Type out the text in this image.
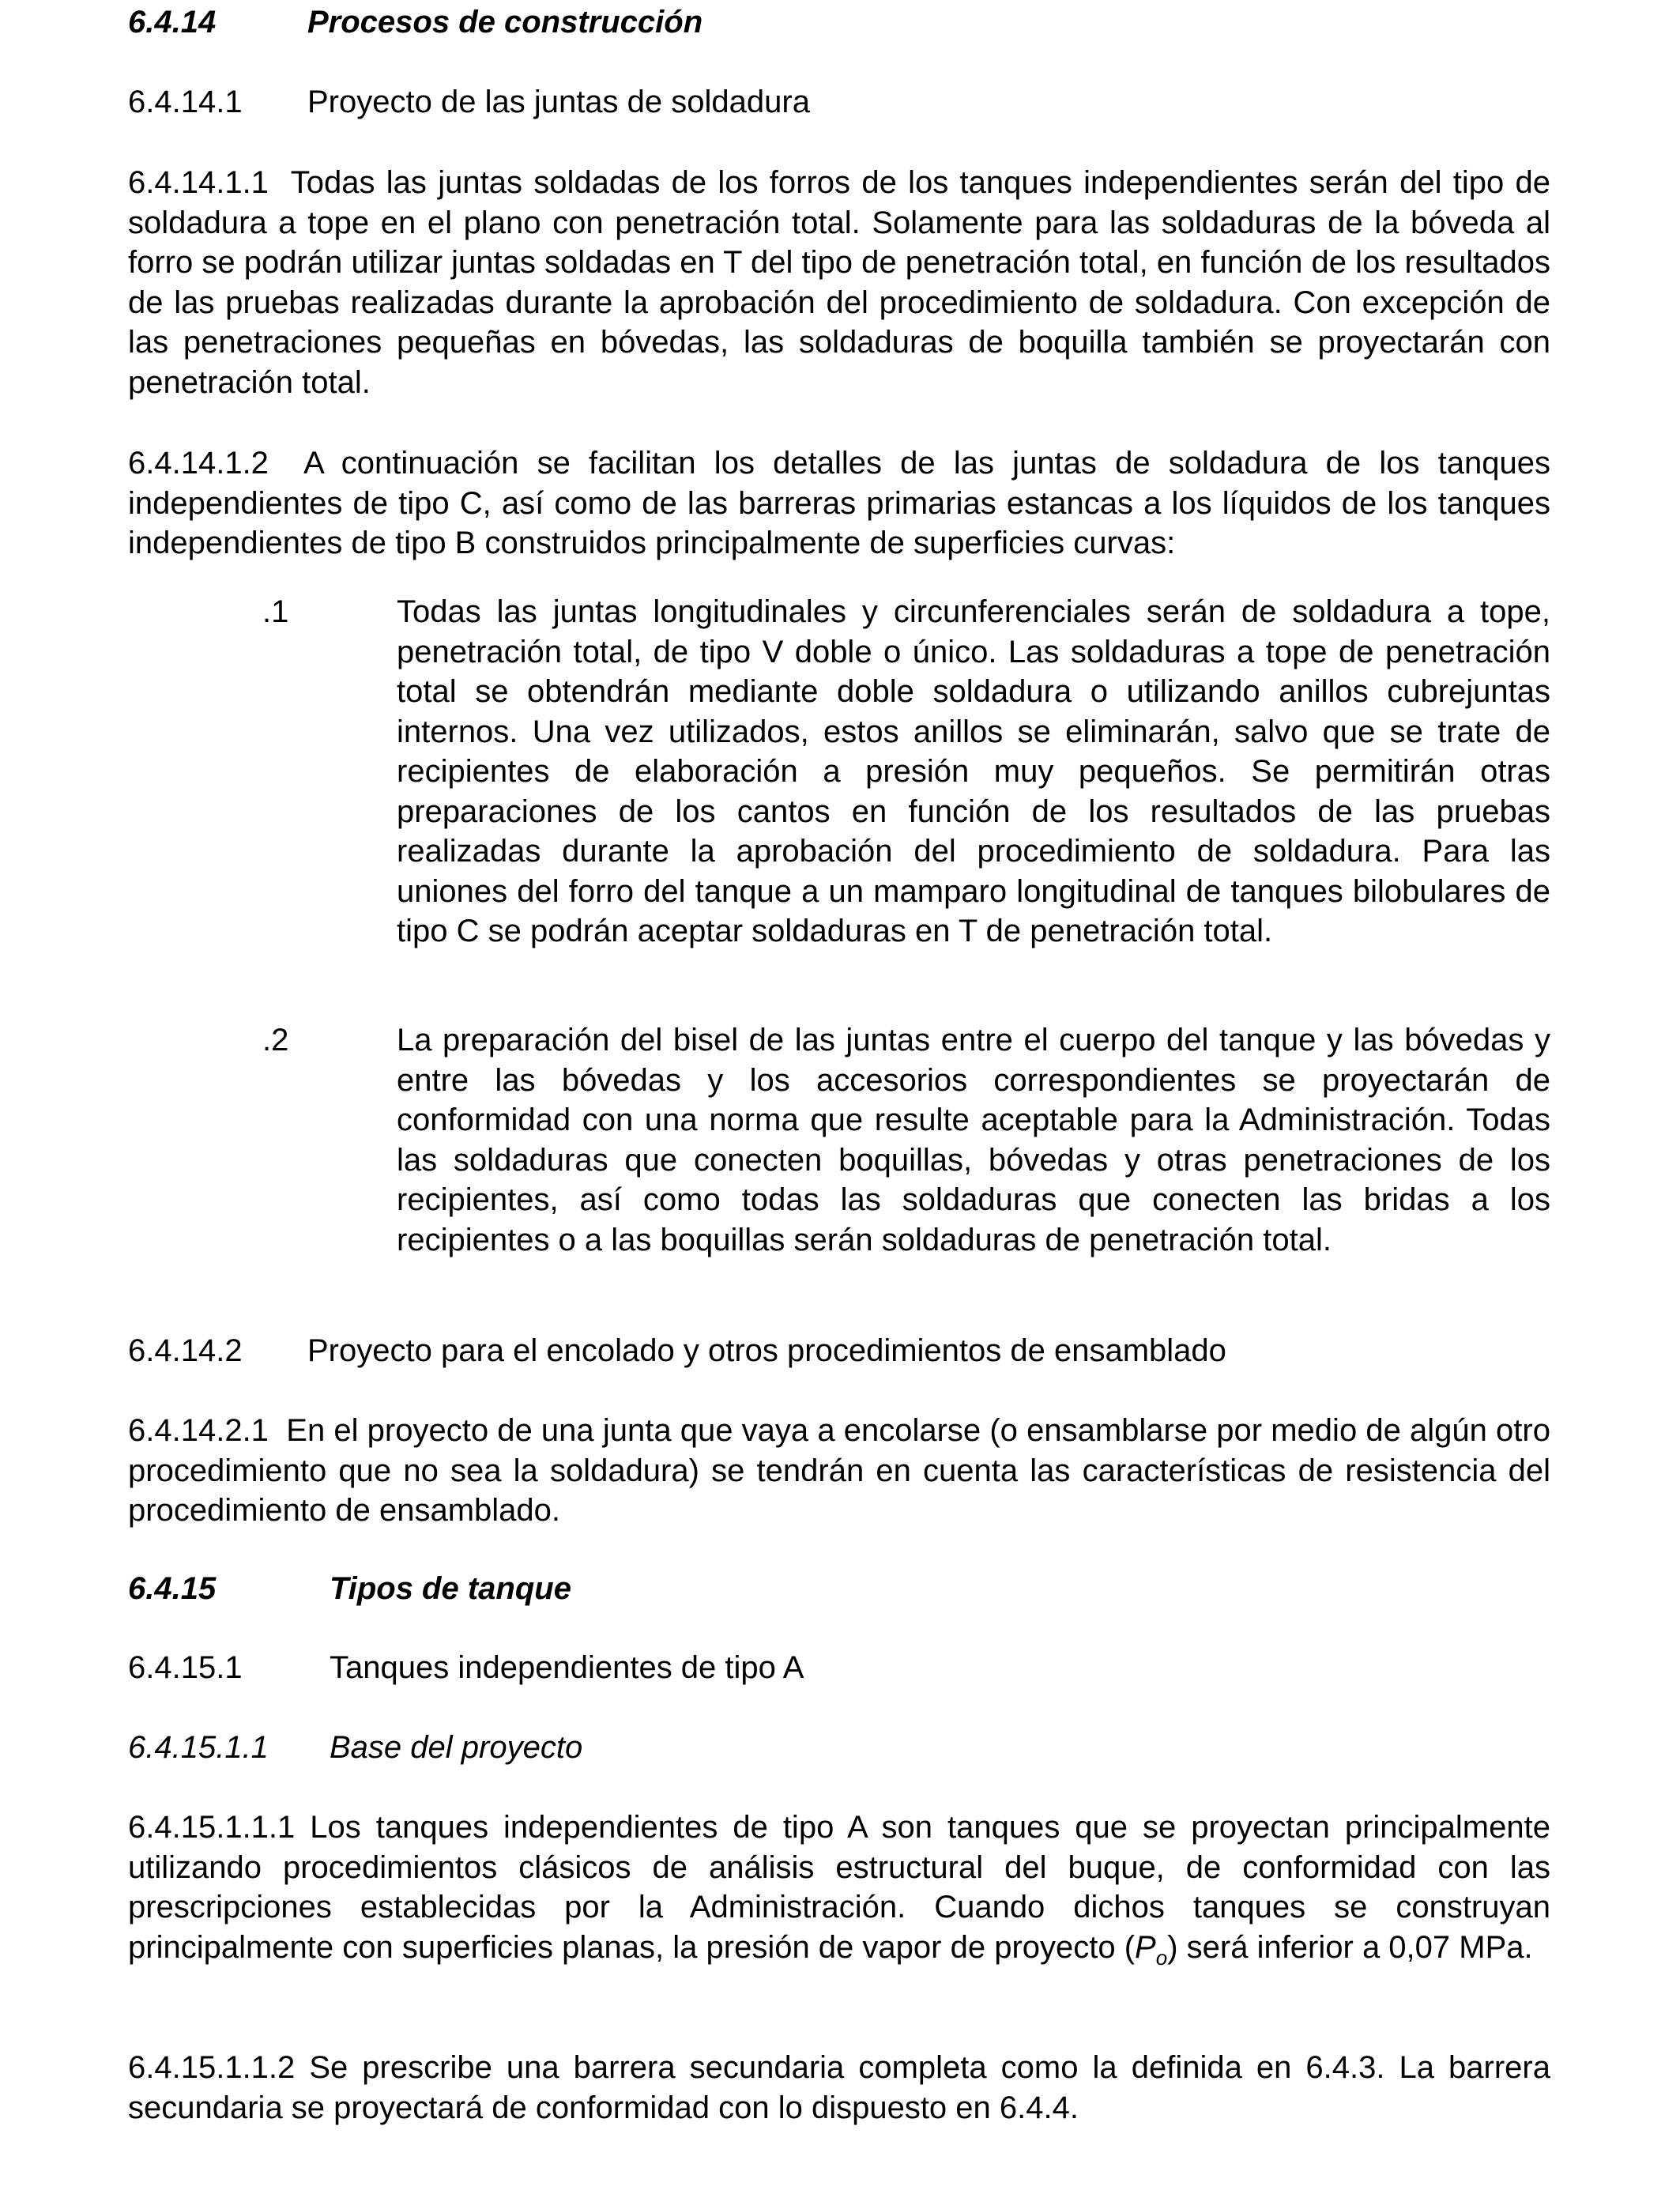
6.4.14	Procesos de construcción
6.4.14.1	Proyecto de las juntas de soldadura

6.4.14.1.1 Todas las juntas soldadas de los forros de los tanques independientes serán del tipo de soldadura a tope en el plano con penetración total. Solamente para las soldaduras de la bóveda al forro se podrán utilizar juntas soldadas en T del tipo de penetración total, en función de los resultados de las pruebas realizadas durante la aprobación del procedimiento de soldadura. Con excepción de las penetraciones pequeñas en bóvedas, las soldaduras de boquilla también se proyectarán con penetración total.

6.4.14.1.2 A continuación se facilitan los detalles de las juntas de soldadura de los tanques independientes de tipo C, así como de las barreras primarias estancas a los líquidos de los tanques independientes de tipo B construidos principalmente de superficies curvas:

.1	Todas las juntas longitudinales y circunferenciales serán de soldadura a tope, penetración total, de tipo V doble o único. Las soldaduras a tope de penetración total se obtendrán mediante doble soldadura o utilizando anillos cubrejuntas internos. Una vez utilizados, estos anillos se eliminarán, salvo que se trate de recipientes de elaboración a presión muy pequeños. Se permitirán otras preparaciones de los cantos en función de los resultados de las pruebas realizadas durante la aprobación del procedimiento de soldadura. Para las uniones del forro del tanque a un mamparo longitudinal de tanques bilobulares de tipo C se podrán aceptar soldaduras en T de penetración total.
.2	La preparación del bisel de las juntas entre el cuerpo del tanque y las bóvedas y entre las bóvedas y los accesorios correspondientes se proyectarán de conformidad con una norma que resulte aceptable para la Administración. Todas las soldaduras que conecten boquillas, bóvedas y otras penetraciones de los recipientes, así como todas las soldaduras que conecten las bridas a los recipientes o a las boquillas serán soldaduras de penetración total.
6.4.14.2	Proyecto para el encolado y otros procedimientos de ensamblado

6.4.14.2.1 En el proyecto de una junta que vaya a encolarse (o ensamblarse por medio de algún otro procedimiento que no sea la soldadura) se tendrán en cuenta las características de resistencia del procedimiento de ensamblado.

6.4.15	Tipos de tanque
6.4.15.1	Tanques independientes de tipo A
6.4.15.1.1	Base del proyecto

6.4.15.1.1.1 Los tanques independientes de tipo A son tanques que se proyectan principalmente utilizando procedimientos clásicos de análisis estructural del buque, de conformidad con las prescripciones establecidas por la Administración. Cuando dichos tanques se construyan principalmente con superficies planas, la presión de vapor de proyecto $(P_o)$ será inferior a 0,07 MPa.

6.4.15.1.1.2 Se prescribe una barrera secundaria completa como la definida en 6.4.3. La barrera secundaria se proyectará de conformidad con lo dispuesto en 6.4.4.
